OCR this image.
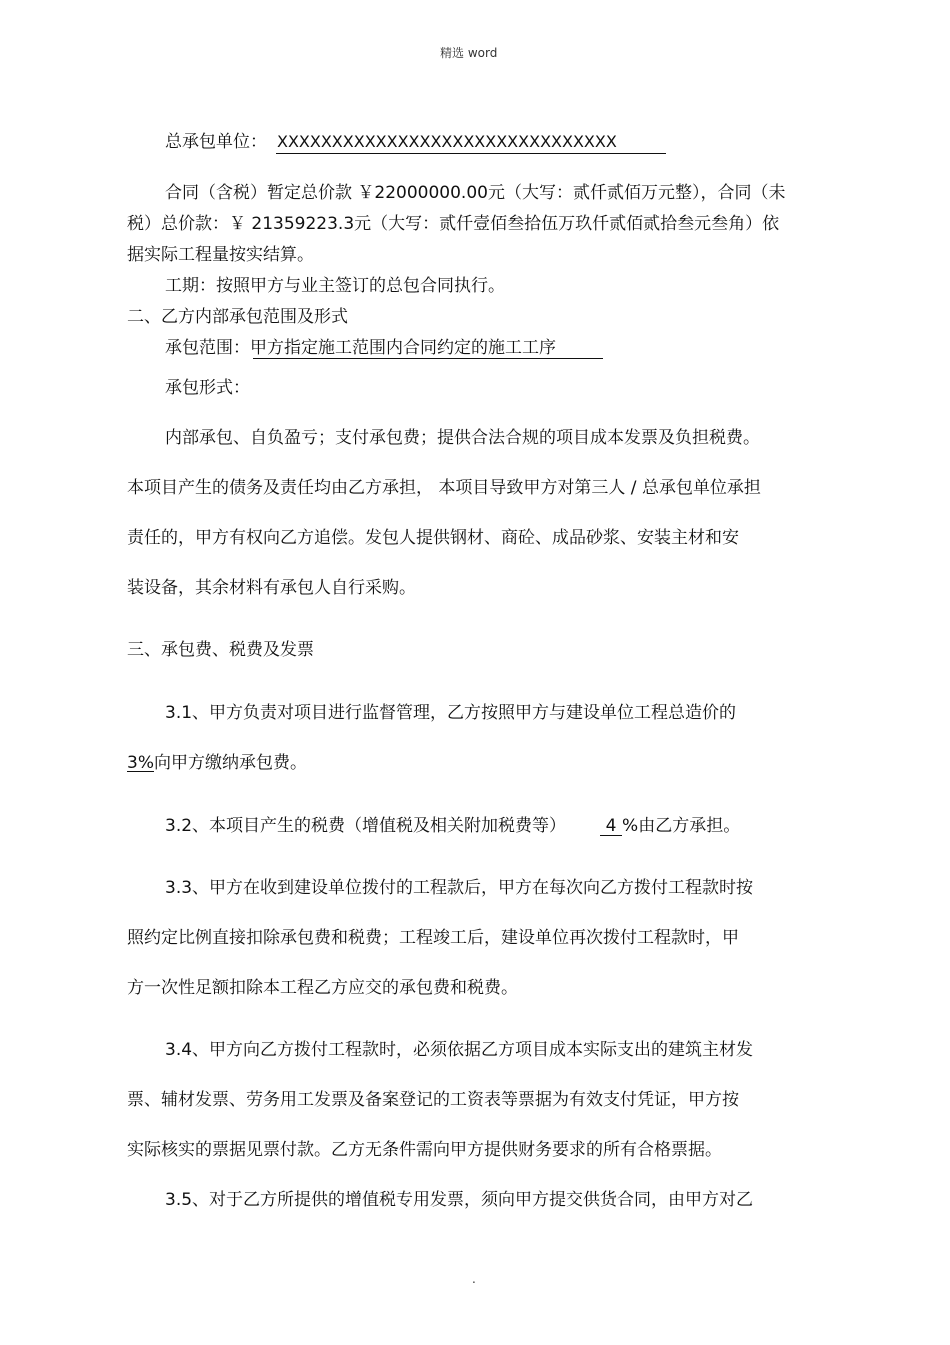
精选 word
总承包单位： XXXXXXXXXXXXXXXXXXXXXXXXXXXXXXX
合同（含税）暂定总价款 ￥22000000.00元（大写：贰仟贰佰万元整），合同（未
税）总价款：￥ 21359223.3元（大写：贰仟壹佰叁拾伍万玖仟贰佰贰拾叁元叁角）依
据实际工程量按实结算。
工期：按照甲方与业主签订的总包合同执行。
二、乙方内部承包范围及形式
承包范围：甲方指定施工范围内合同约定的施工工序
承包形式：
内部承包、自负盈亏；支付承包费；提供合法合规的项目成本发票及负担税费。
本项目产生的债务及责任均由乙方承担， 本项目导致甲方对第三人 / 总承包单位承担
责任的，甲方有权向乙方追偿。发包人提供钢材、商砼、成品砂浆、安装主材和安
装设备，其余材料有承包人自行采购。
三、承包费、税费及发票
3.1、甲方负责对项目进行监督管理，乙方按照甲方与建设单位工程总造价的
3%向甲方缴纳承包费。
3.2、本项目产生的税费（增值税及相关附加税费等） 4 %由乙方承担。
3.3、甲方在收到建设单位拨付的工程款后，甲方在每次向乙方拨付工程款时按
照约定比例直接扣除承包费和税费；工程竣工后，建设单位再次拨付工程款时，甲
方一次性足额扣除本工程乙方应交的承包费和税费。
3.4、甲方向乙方拨付工程款时，必须依据乙方项目成本实际支出的建筑主材发
票、辅材发票、劳务用工发票及备案登记的工资表等票据为有效支付凭证，甲方按
实际核实的票据见票付款。乙方无条件需向甲方提供财务要求的所有合格票据。
3.5、对于乙方所提供的增值税专用发票，须向甲方提交供货合同，由甲方对乙
.
